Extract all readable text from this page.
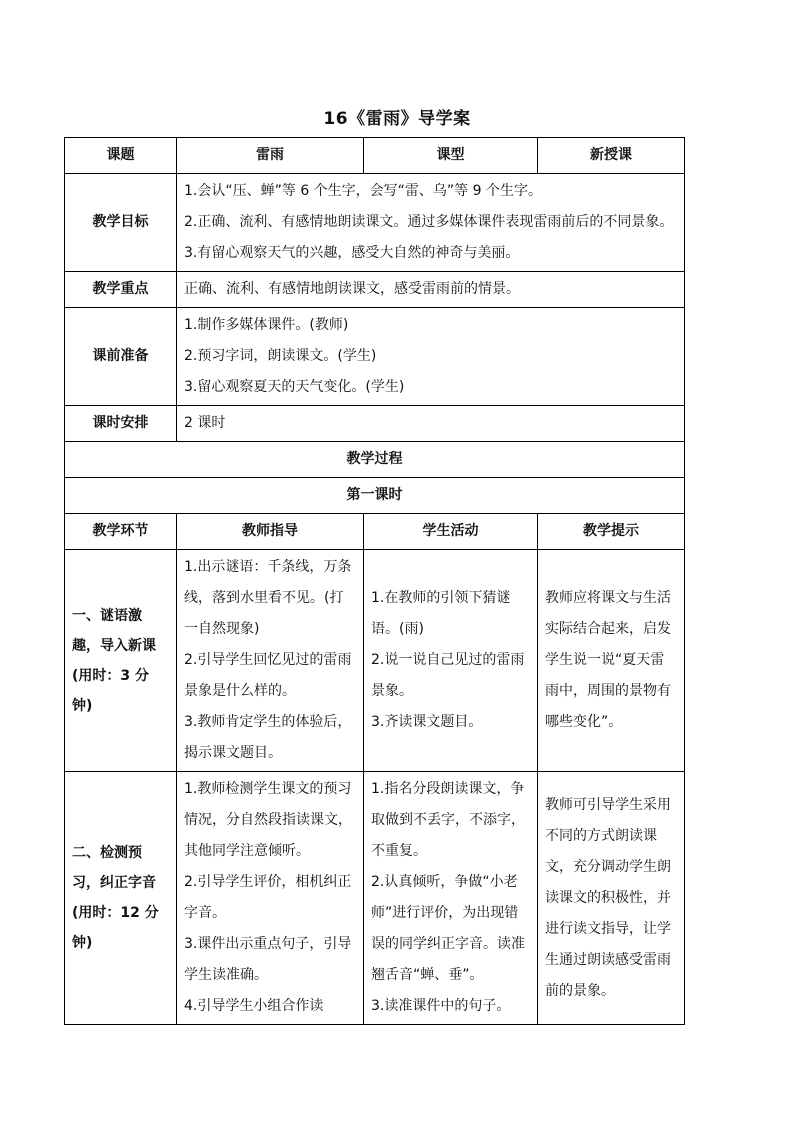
16《雷雨》导学案
课题	雷雨	课型	新授课
教学目标	1.会认“压、蝉”等 6 个生字，会写“雷、乌”等 9 个生字。
2.正确、流利、有感情地朗读课文。通过多媒体课件表现雷雨前后的不同景象。
3.有留心观察天气的兴趣，感受大自然的神奇与美丽。		

教学重点	正确、流利、有感情地朗读课文，感受雷雨前的情景。		
课前准备	1.制作多媒体课件。(教师)
2.预习字词，朗读课文。(学生)
3.留心观察夏天的天气变化。(学生)		

课时安排	2 课时		
教学过程			
第一课时			
教学环节	教师指导	学生活动	教学提示
一、谜语激趣，导入新课(用时：3 分钟)	1.出示谜语：千条线，万条线，落到水里看不见。(打一自然现象)
2.引导学生回忆见过的雷雨景象是什么样的。
3.教师肯定学生的体验后，揭示课文题目。	1.在教师的引领下猜谜语。(雨)
2.说一说自己见过的雷雨景象。
3.齐读课文题目。	教师应将课文与生活实际结合起来，启发学生说一说“夏天雷雨中，周围的景物有哪些变化”。
二、检测预习，纠正字音(用时：12 分钟)	1.教师检测学生课文的预习情况，分自然段指读课文，其他同学注意倾听。
2.引导学生评价，相机纠正字音。
3.课件出示重点句子，引导学生读准确。
4.引导学生小组合作读	1.指名分段朗读课文，争 取做到不丢字，不添字，不重复。
2.认真倾听，争做“小老师”进行评价，为出现错误的同学纠正字音。读准翘舌音“蝉、垂”。
3.读准课件中的句子。	教师可引导学生采用不同的方式朗读课文，充分调动学生朗读课文的积极性，并进行读文指导，让学生通过朗读感受雷雨前的景象。
